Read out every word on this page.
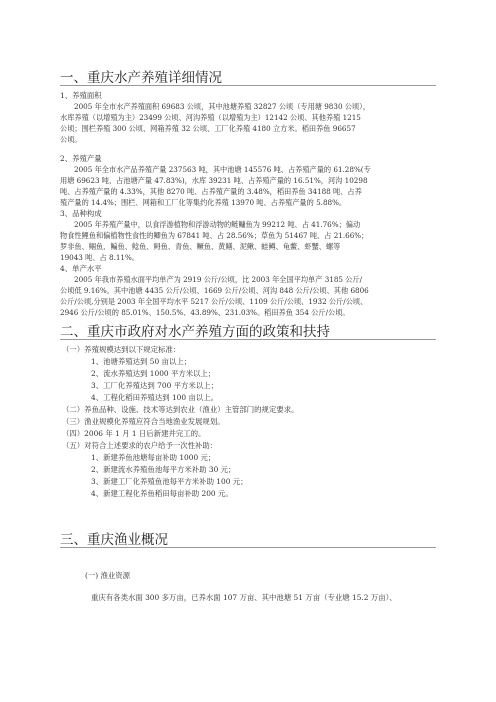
一、重庆水产养殖详细情况
1、养殖面积
2005 年全市水产养殖面积 69683 公顷，其中池塘养殖 32827 公顷（专用塘 9830 公顷），
水库养殖（以增殖为主）23499 公顷、河沟养殖（以增殖为主）12142 公顷、其他养殖 1215
公顷；围栏养殖 300 公顷、网箱养殖 32 公顷、工厂化养殖 4180 立方米。稻田养鱼 96657
公顷。
2、养殖产量
2005 年全市水产品养殖产量 237563 吨，其中池塘 145576 吨、占养殖产量的 61.28%(专
用塘 69623 吨、占池塘产量 47.83%)，水库 39231 吨、占养殖产量的 16.51%，河沟 10298
吨、占养殖产量的 4.33%，其他 8270 吨、占养殖产量的 3.48%，稻田养鱼 34188 吨、占养
殖产量的 14.4%；围栏、网箱和工厂化等集约化养殖 13970 吨、占养殖产量的 5.88%。
3、品种构成
2005 年养殖产量中，以食浮游植物和浮游动物的鲢鳙鱼为 99212 吨、占 41.76%；偏动
物食性鲤鱼和偏植物性食性的鲫鱼为 67841 吨、占 28.56%；草鱼为 51467 吨、占 21.66%；
罗非鱼、鲴鱼、鳊鱼、鲶鱼、鲟鱼、青鱼、鳜鱼、黄鳝、泥鳅、蛙鳟、龟鳖、虾蟹、螺等
19043 吨、占 8.11%。
4、单产水平
2005 年我市养殖水面平均单产为 2919 公斤/公顷，比 2003 年全国平均单产 3185 公斤/
公顷低 9.16%。其中池塘 4435 公斤/公顷、1669 公斤/公顷、河沟 848 公斤/公顷、其他 6806
公斤/公顷,分别是 2003 年全国平均水平 5217 公斤/公顷、1109 公斤/公顷、1932 公斤/公顷、
2946 公斤/公顷的 85.01%、150.5%、43.89%、231.03%。稻田养鱼 354 公斤/公顷。
二、重庆市政府对水产养殖方面的政策和扶持
（一）养殖规模达到以下规定标准：
1、池塘养殖达到 50 亩以上；
2、流水养殖达到 1000 平方米以上；
3、工厂化养殖达到 700 平方米以上；
4、工程化稻田养殖达到 100 亩以上。
（二）养鱼品种、设施、技术等达到农业（渔业）主管部门的规定要求。
（三）渔业规模化养殖应符合当地渔业发展规划。
（四）2006 年 1 月 1 日后新建并完工的。
（五）对符合上述要求的农户给予一次性补助：
1、新建养鱼池塘每亩补助 1000 元；
2、新建流水养殖鱼池每平方米补助 30 元；
3、新建工厂化养殖鱼池每平方米补助 100 元；
4、新建工程化养鱼稻田每亩补助 200 元。
三、重庆渔业概况
(一) 渔业资源
重庆有各类水面 300 多万亩，已养水面 107 万亩、其中池塘 51 万亩（专业塘 15.2 万亩）、
